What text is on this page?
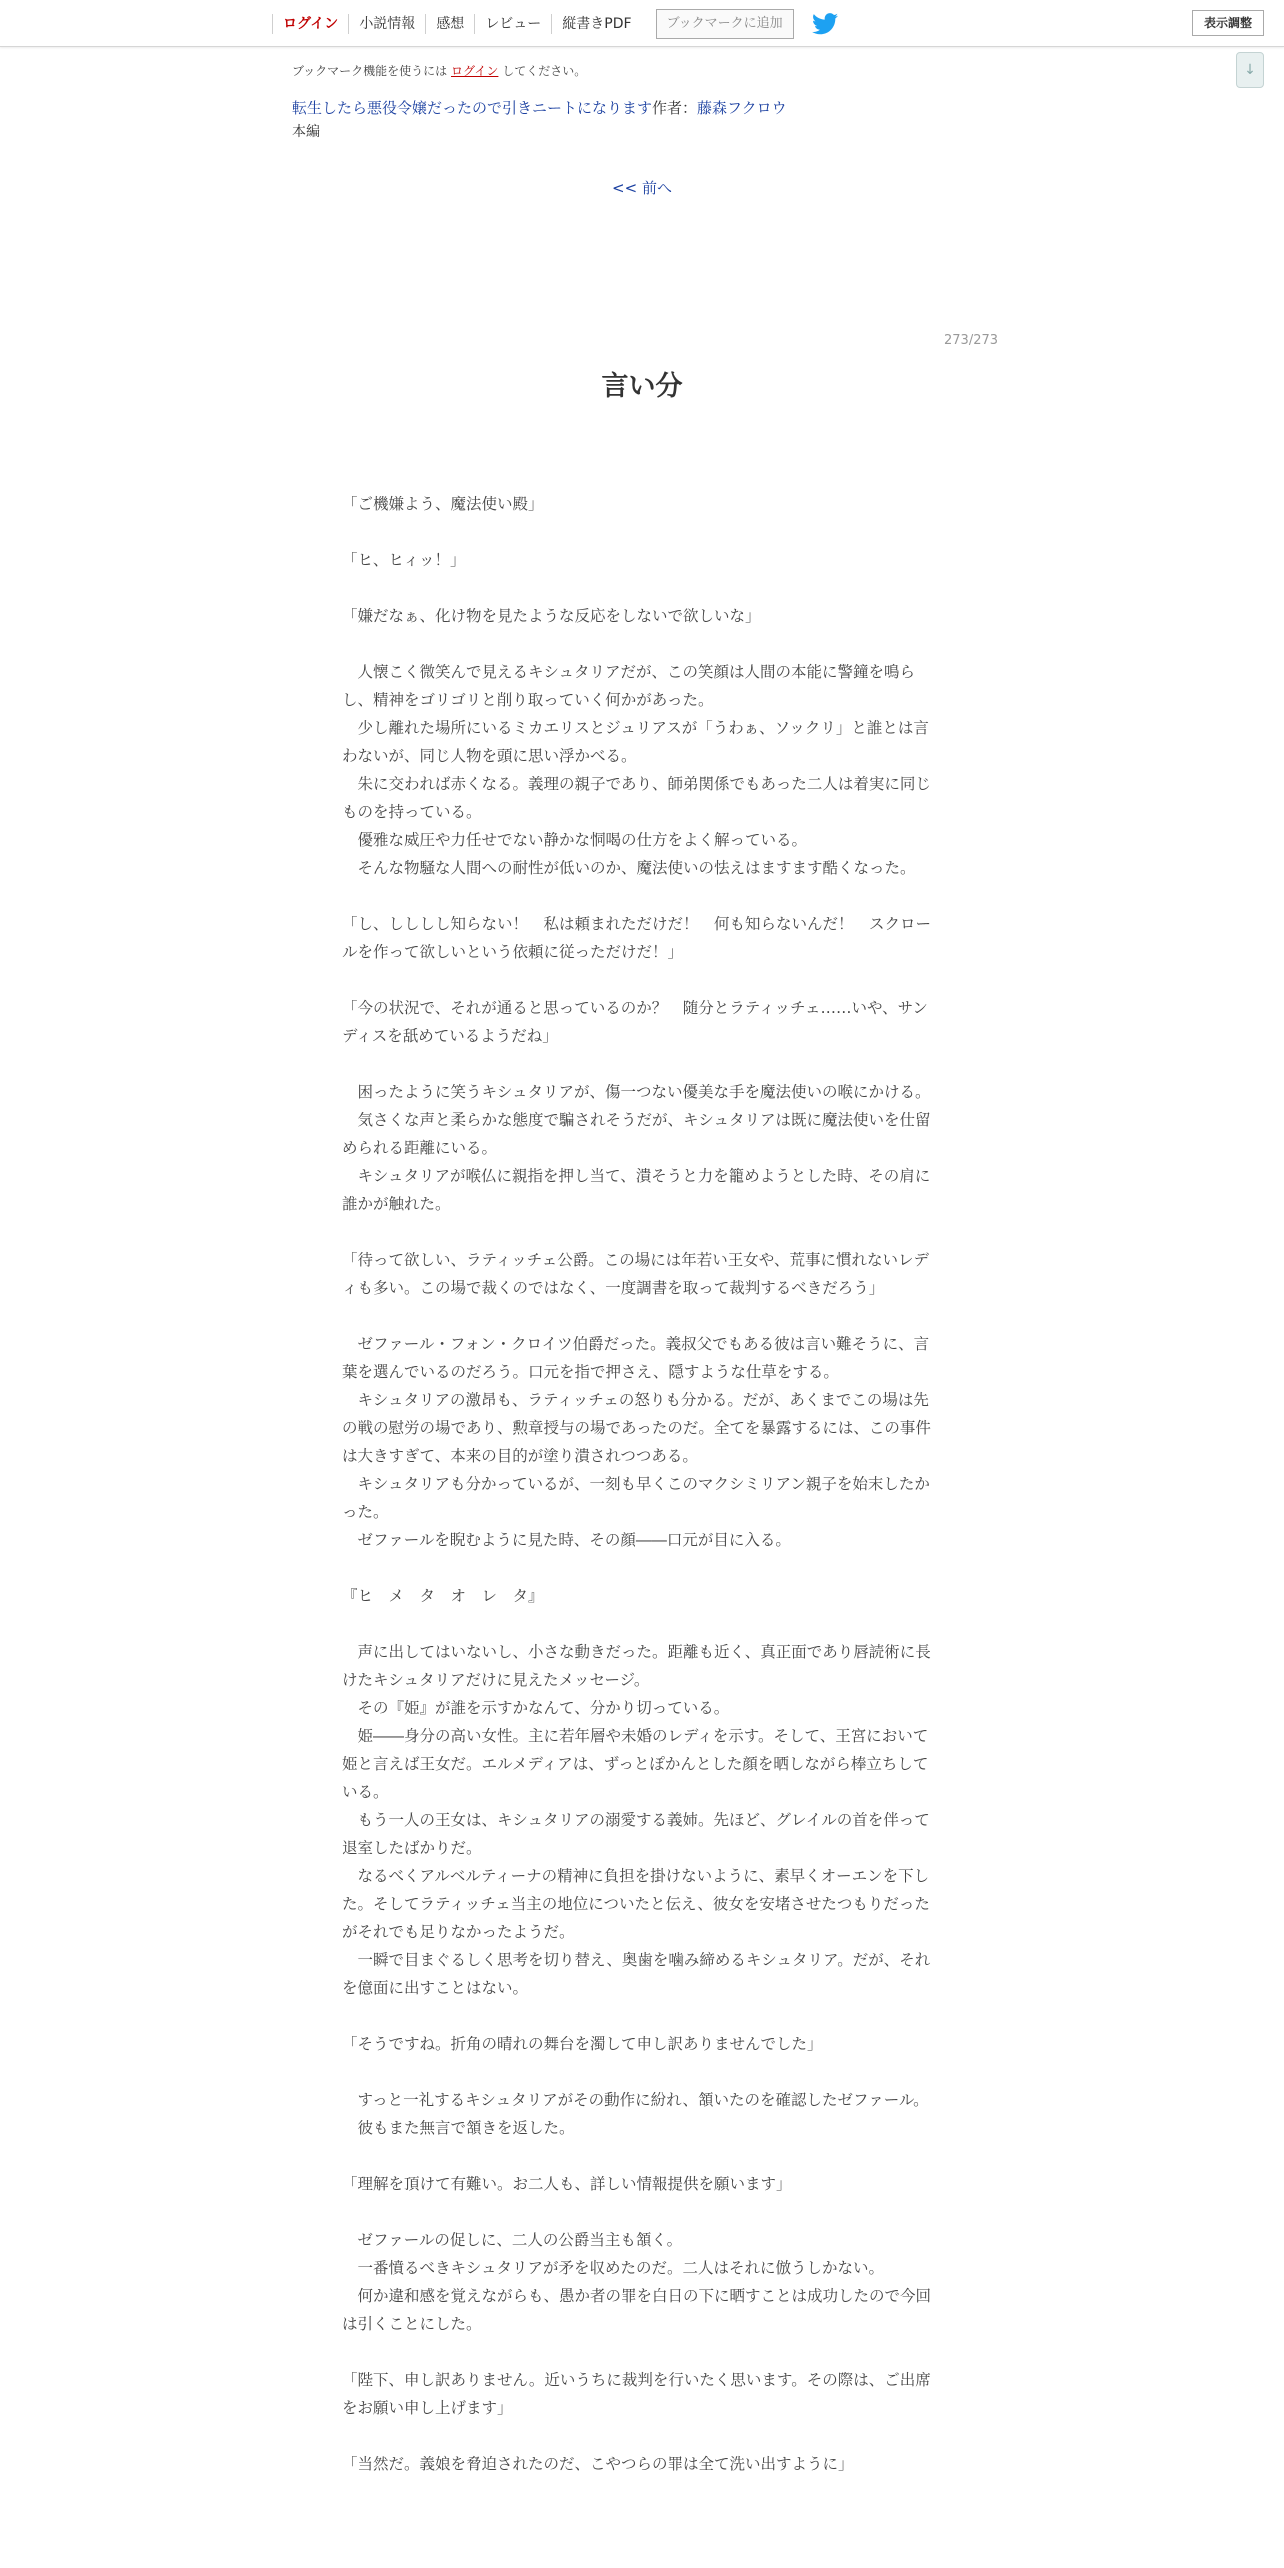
ログイン	小説情報	感想	レビュー	縦書きPDF	ブックマークに追加	表示調整
↓
ブックマーク機能を使うには ログイン してください。
転生したら悪役令嬢だったので引きニートになります 作者：藤森フクロウ
本編
<< 前へ
273/273
言い分

「ご機嫌よう、魔法使い殿」

「ヒ、ヒィッ！」

「嫌だなぁ、化け物を見たような反応をしないで欲しいな」

　人懐こく微笑んで見えるキシュタリアだが、この笑顔は人間の本能に警鐘を鳴らし、精神をゴリゴリと削り取っていく何かがあった。

　少し離れた場所にいるミカエリスとジュリアスが「うわぁ、ソックリ」と誰とは言わないが、同じ人物を頭に思い浮かべる。

　朱に交われば赤くなる。義理の親子であり、師弟関係でもあった二人は着実に同じものを持っている。

　優雅な威圧や力任せでない静かな恫喝の仕方をよく解っている。

　そんな物騒な人間への耐性が低いのか、魔法使いの怯えはますます酷くなった。

「し、しししし知らない！　私は頼まれただけだ！　何も知らないんだ！　スクロールを作って欲しいという依頼に従っただけだ！」

「今の状況で、それが通ると思っているのか？　随分とラティッチェ……いや、サンディスを舐めているようだね」

　困ったように笑うキシュタリアが、傷一つない優美な手を魔法使いの喉にかける。

　気さくな声と柔らかな態度で騙されそうだが、キシュタリアは既に魔法使いを仕留められる距離にいる。

　キシュタリアが喉仏に親指を押し当て、潰そうと力を籠めようとした時、その肩に誰かが触れた。

「待って欲しい、ラティッチェ公爵。この場には年若い王女や、荒事に慣れないレディも多い。この場で裁くのではなく、一度調書を取って裁判するべきだろう」

　ゼファール・フォン・クロイツ伯爵だった。義叔父でもある彼は言い難そうに、言葉を選んでいるのだろう。口元を指で押さえ、隠すような仕草をする。

　キシュタリアの激昂も、ラティッチェの怒りも分かる。だが、あくまでこの場は先の戦の慰労の場であり、勲章授与の場であったのだ。全てを暴露するには、この事件は大きすぎて、本来の目的が塗り潰されつつある。

　キシュタリアも分かっているが、一刻も早くこのマクシミリアン親子を始末したかった。

　ゼファールを睨むように見た時、その顔――口元が目に入る。

『ヒ　メ　タ　オ　レ　タ』

　声に出してはいないし、小さな動きだった。距離も近く、真正面であり唇読術に長けたキシュタリアだけに見えたメッセージ。

　その『姫』が誰を示すかなんて、分かり切っている。

　姫――身分の高い女性。主に若年層や未婚のレディを示す。そして、王宮において姫と言えば王女だ。エルメディアは、ずっとぽかんとした顔を晒しながら棒立ちしている。

　もう一人の王女は、キシュタリアの溺愛する義姉。先ほど、グレイルの首を伴って退室したばかりだ。

　なるべくアルベルティーナの精神に負担を掛けないように、素早くオーエンを下した。そしてラティッチェ当主の地位についたと伝え、彼女を安堵させたつもりだったがそれでも足りなかったようだ。

　一瞬で目まぐるしく思考を切り替え、奥歯を噛み締めるキシュタリア。だが、それを億面に出すことはない。

「そうですね。折角の晴れの舞台を濁して申し訳ありませんでした」

　すっと一礼するキシュタリアがその動作に紛れ、頷いたのを確認したゼファール。

　彼もまた無言で頷きを返した。

「理解を頂けて有難い。お二人も、詳しい情報提供を願います」

　ゼファールの促しに、二人の公爵当主も頷く。

　一番憤るべきキシュタリアが矛を収めたのだ。二人はそれに倣うしかない。

　何か違和感を覚えながらも、愚か者の罪を白日の下に晒すことは成功したので今回は引くことにした。

「陛下、申し訳ありません。近いうちに裁判を行いたく思います。その際は、ご出席をお願い申し上げます」

「当然だ。義娘を脅迫されたのだ、こやつらの罪は全て洗い出すように」
